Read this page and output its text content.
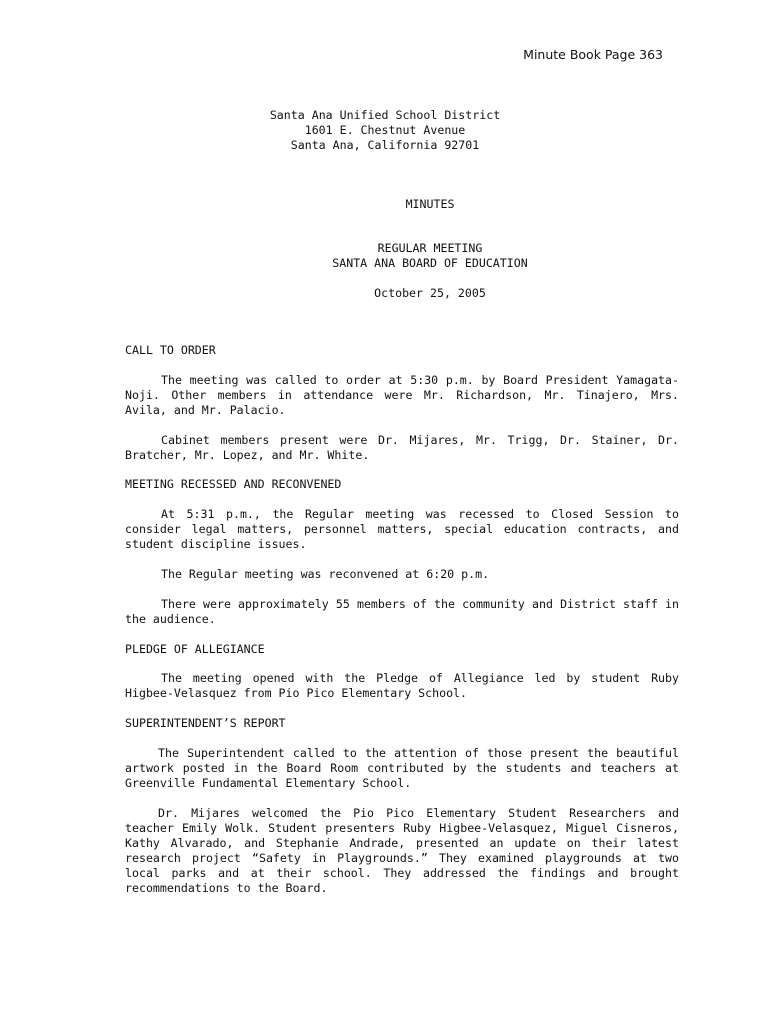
Minute Book Page 363
Santa Ana Unified School District
1601 E. Chestnut Avenue
Santa Ana, California 92701
MINUTES
REGULAR MEETING
SANTA ANA BOARD OF EDUCATION
October 25, 2005
CALL TO ORDER
The meeting was called to order at 5:30 p.m. by Board President Yamagata-Noji. Other members in attendance were Mr. Richardson, Mr. Tinajero, Mrs. Avila, and Mr. Palacio.
Cabinet members present were Dr. Mijares, Mr. Trigg, Dr. Stainer, Dr. Bratcher, Mr. Lopez, and Mr. White.
MEETING RECESSED AND RECONVENED
At 5:31 p.m., the Regular meeting was recessed to Closed Session to consider legal matters, personnel matters, special education contracts, and student discipline issues.
The Regular meeting was reconvened at 6:20 p.m.
There were approximately 55 members of the community and District staff in the audience.
PLEDGE OF ALLEGIANCE
The meeting opened with the Pledge of Allegiance led by student Ruby Higbee-Velasquez from Pio Pico Elementary School.
SUPERINTENDENT’S REPORT
The Superintendent called to the attention of those present the beautiful artwork posted in the Board Room contributed by the students and teachers at Greenville Fundamental Elementary School.
Dr. Mijares welcomed the Pio Pico Elementary Student Researchers and teacher Emily Wolk. Student presenters Ruby Higbee-Velasquez, Miguel Cisneros, Kathy Alvarado, and Stephanie Andrade, presented an update on their latest research project “Safety in Playgrounds.” They examined playgrounds at two local parks and at their school. They addressed the findings and brought recommendations to the Board.
